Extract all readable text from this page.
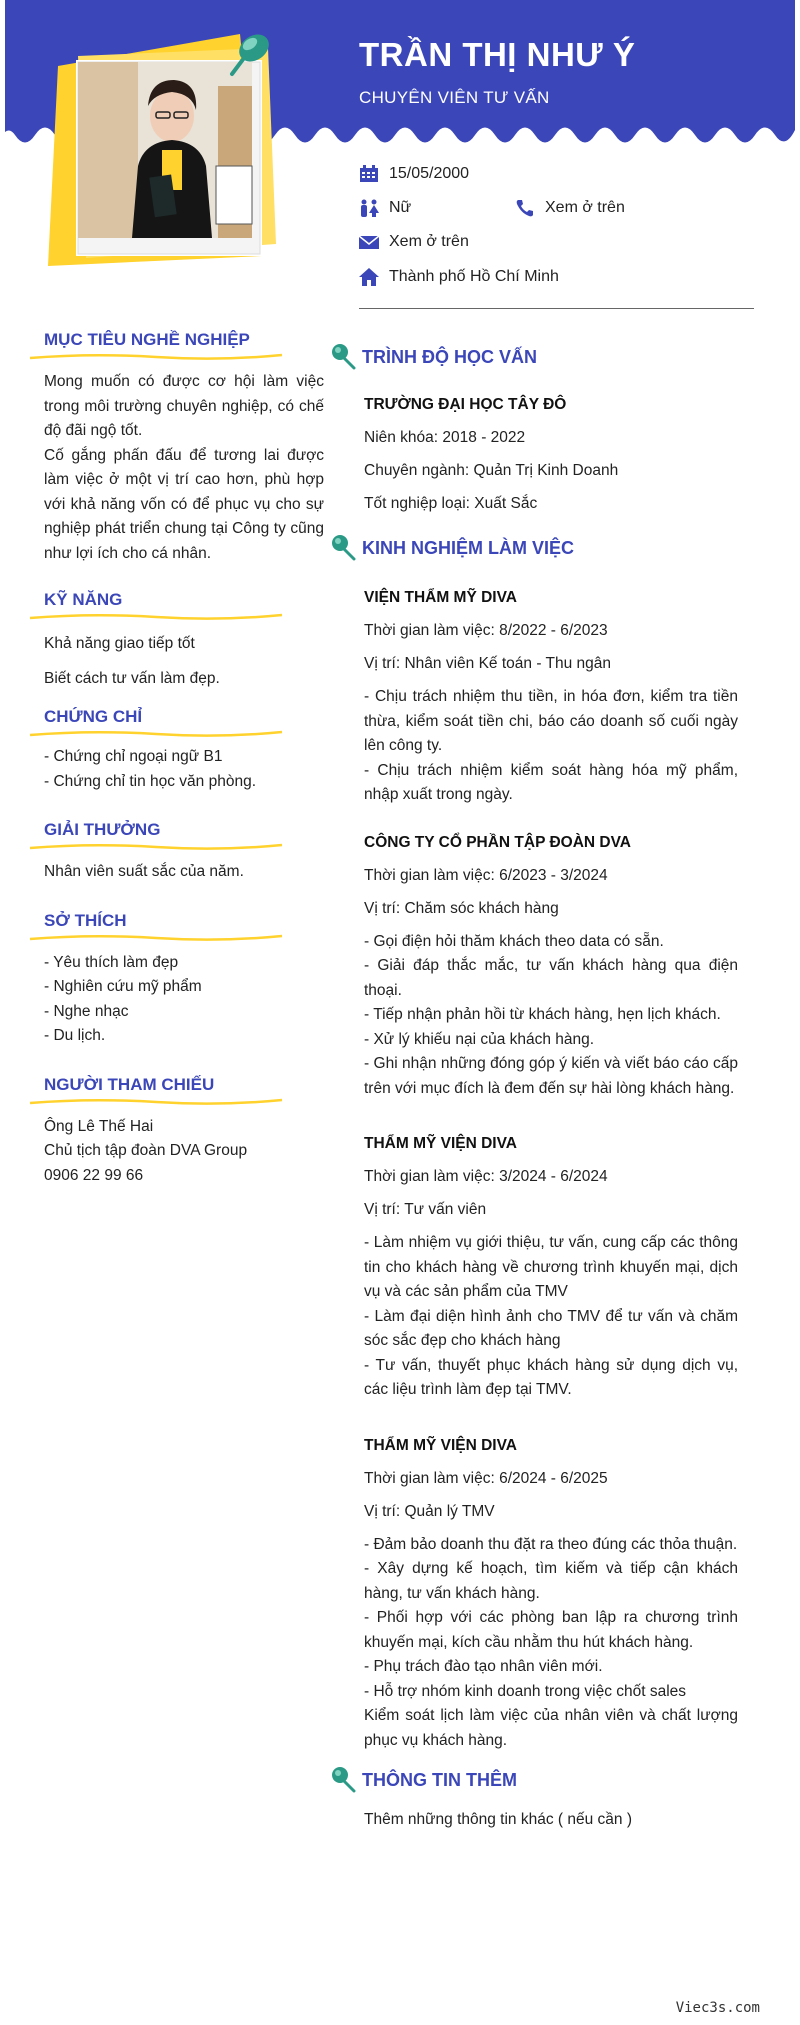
TRẦN THỊ NHƯ Ý
CHUYÊN VIÊN TƯ VẤN
15/05/2000
Nữ	Xem ở trên
Xem ở trên
Thành phố Hồ Chí Minh
MỤC TIÊU NGHỀ NGHIỆP
Mong muốn có được cơ hội làm việc trong môi trường chuyên nghiệp, có chế độ đãi ngộ tốt.
Cố gắng phấn đấu để tương lai được làm việc ở một vị trí cao hơn, phù hợp với khả năng vốn có để phục vụ cho sự nghiệp phát triển chung tại Công ty cũng như lợi ích cho cá nhân.
KỸ NĂNG
Khả năng giao tiếp tốt
Biết cách tư vấn làm đẹp.
CHỨNG CHỈ
- Chứng chỉ ngoại ngữ B1
- Chứng chỉ tin học văn phòng.
GIẢI THƯỞNG
Nhân viên suất sắc của năm.
SỞ THÍCH
- Yêu thích làm đẹp
- Nghiên cứu mỹ phẩm
- Nghe nhạc
- Du lịch.
NGƯỜI THAM CHIẾU
Ông Lê Thế Hai
Chủ tịch tập đoàn DVA Group
0906 22 99 66
TRÌNH ĐỘ HỌC VẤN
TRƯỜNG ĐẠI HỌC TÂY ĐÔ
Niên khóa: 2018 - 2022
Chuyên ngành: Quản Trị Kinh Doanh
Tốt nghiệp loại: Xuất Sắc
KINH NGHIỆM LÀM VIỆC
VIỆN THẨM MỸ DIVA
Thời gian làm việc: 8/2022 - 6/2023
Vị trí: Nhân viên Kế toán - Thu ngân
- Chịu trách nhiệm thu tiền, in hóa đơn, kiểm tra tiền thừa, kiểm soát tiền chi, báo cáo doanh số cuối ngày lên công ty.
- Chịu trách nhiệm kiểm soát hàng hóa mỹ phẩm, nhập xuất trong ngày.
CÔNG TY CỔ PHẦN TẬP ĐOÀN DVA
Thời gian làm việc: 6/2023 - 3/2024
Vị trí: Chăm sóc khách hàng
- Gọi điện hỏi thăm khách theo data có sẵn.
- Giải đáp thắc mắc, tư vấn khách hàng qua điện thoại.
- Tiếp nhận phản hồi từ khách hàng, hẹn lịch khách.
- Xử lý khiếu nại của khách hàng.
- Ghi nhận những đóng góp ý kiến và viết báo cáo cấp trên với mục đích là đem đến sự hài lòng khách hàng.
THẨM MỸ VIỆN DIVA
Thời gian làm việc: 3/2024 - 6/2024
Vị trí: Tư vấn viên
- Làm nhiệm vụ giới thiệu, tư vấn, cung cấp các thông tin cho khách hàng về chương trình khuyến mại, dịch vụ và các sản phẩm của TMV
- Làm đại diện hình ảnh cho TMV để tư vấn và chăm sóc sắc đẹp cho khách hàng
- Tư vấn, thuyết phục khách hàng sử dụng dịch vụ, các liệu trình làm đẹp tại TMV.
THẨM MỸ VIỆN DIVA
Thời gian làm việc: 6/2024 - 6/2025
Vị trí: Quản lý TMV
- Đảm bảo doanh thu đặt ra theo đúng các thỏa thuận.
- Xây dựng kế hoạch, tìm kiếm và tiếp cận khách hàng, tư vấn khách hàng.
- Phối hợp với các phòng ban lập ra chương trình khuyến mại, kích cầu nhằm thu hút khách hàng.
- Phụ trách đào tạo nhân viên mới.
- Hỗ trợ nhóm kinh doanh trong việc chốt sales
Kiểm soát lịch làm việc của nhân viên và chất lượng phục vụ khách hàng.
THÔNG TIN THÊM
Thêm những thông tin khác ( nếu cần )
Viec3s.com
